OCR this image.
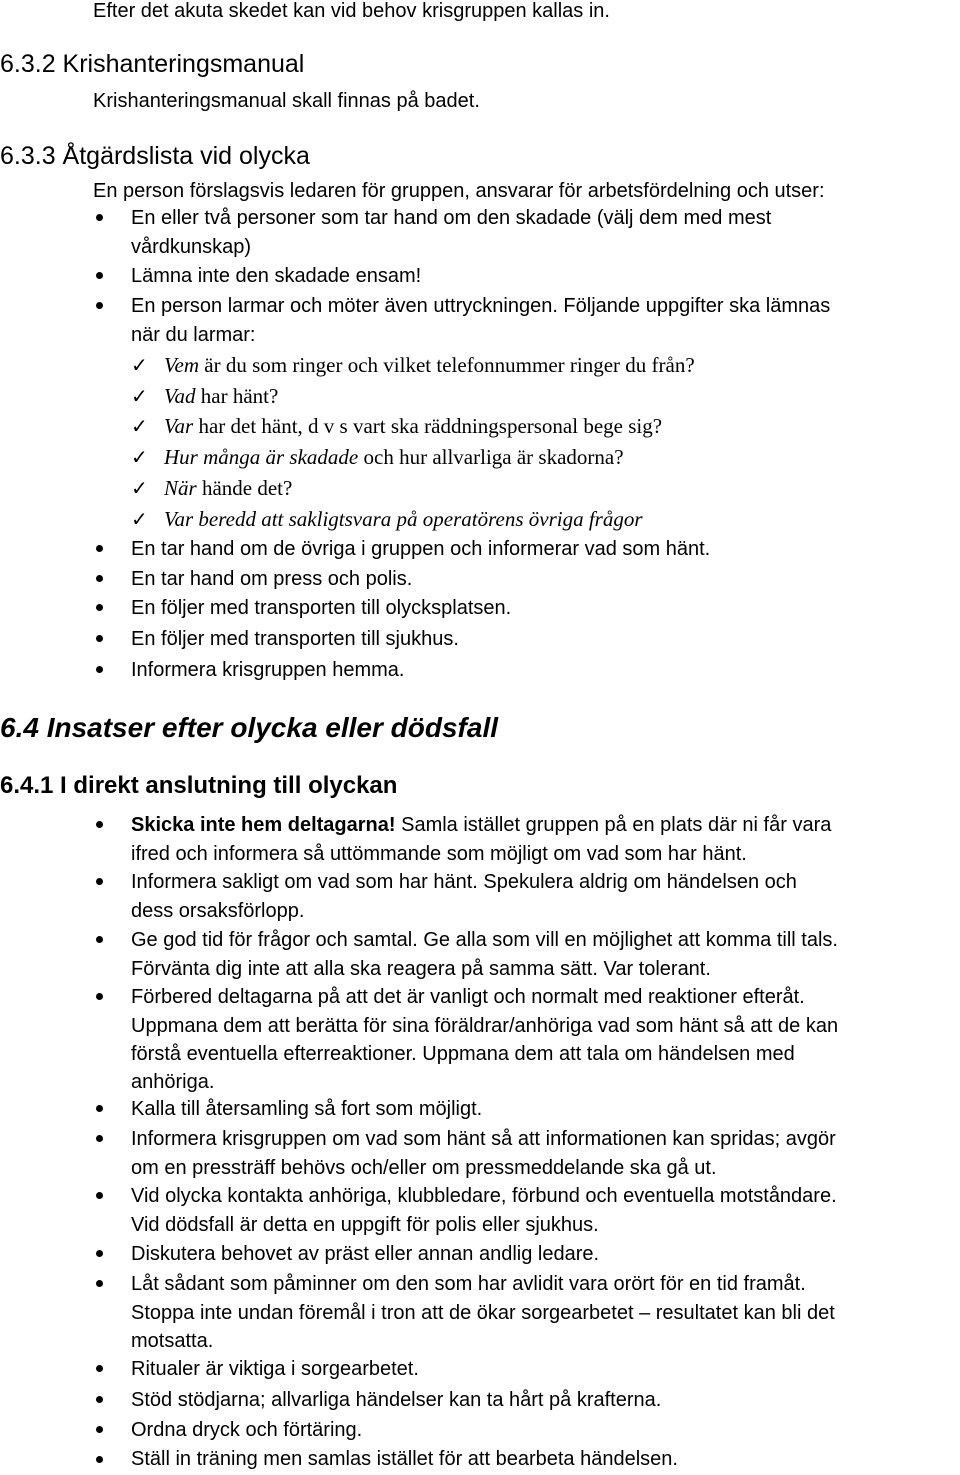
Efter det akuta skedet kan vid behov krisgruppen kallas in.
6.3.2 Krishanteringsmanual
Krishanteringsmanual skall finnas på badet.
6.3.3 Åtgärdslista vid olycka
En person förslagsvis ledaren för gruppen, ansvarar för arbetsfördelning och utser:
En eller två personer som tar hand om den skadade (välj dem med mest
vårdkunskap)
Lämna inte den skadade ensam!
En person larmar och möter även uttryckningen. Följande uppgifter ska lämnas
när du larmar:
✓ Vem är du som ringer och vilket telefonnummer ringer du från?
✓ Vad har hänt?
✓ Var har det hänt, d v s vart ska räddningspersonal bege sig?
✓ Hur många är skadade och hur allvarliga är skadorna?
✓ När hände det?
✓ Var beredd att sakligtsvara på operatörens övriga frågor
En tar hand om de övriga i gruppen och informerar vad som hänt.
En tar hand om press och polis.
En följer med transporten till olycksplatsen.
En följer med transporten till sjukhus.
Informera krisgruppen hemma.
6.4 Insatser efter olycka eller dödsfall
6.4.1 I direkt anslutning till olyckan
Skicka inte hem deltagarna! Samla istället gruppen på en plats där ni får vara
ifred och informera så uttömmande som möjligt om vad som har hänt.
Informera sakligt om vad som har hänt. Spekulera aldrig om händelsen och
dess orsaksförlopp.
Ge god tid för frågor och samtal. Ge alla som vill en möjlighet att komma till tals.
Förvänta dig inte att alla ska reagera på samma sätt. Var tolerant.
Förbered deltagarna på att det är vanligt och normalt med reaktioner efteråt.
Uppmana dem att berätta för sina föräldrar/anhöriga vad som hänt så att de kan
förstå eventuella efterreaktioner. Uppmana dem att tala om händelsen med
anhöriga.
Kalla till återsamling så fort som möjligt.
Informera krisgruppen om vad som hänt så att informationen kan spridas; avgör
om en pressträff behövs och/eller om pressmeddelande ska gå ut.
Vid olycka kontakta anhöriga, klubbledare, förbund och eventuella motståndare.
Vid dödsfall är detta en uppgift för polis eller sjukhus.
Diskutera behovet av präst eller annan andlig ledare.
Låt sådant som påminner om den som har avlidit vara orört för en tid framåt.
Stoppa inte undan föremål i tron att de ökar sorgearbetet – resultatet kan bli det
motsatta.
Ritualer är viktiga i sorgearbetet.
Stöd stödjarna; allvarliga händelser kan ta hårt på krafterna.
Ordna dryck och förtäring.
Ställ in träning men samlas istället för att bearbeta händelsen.
